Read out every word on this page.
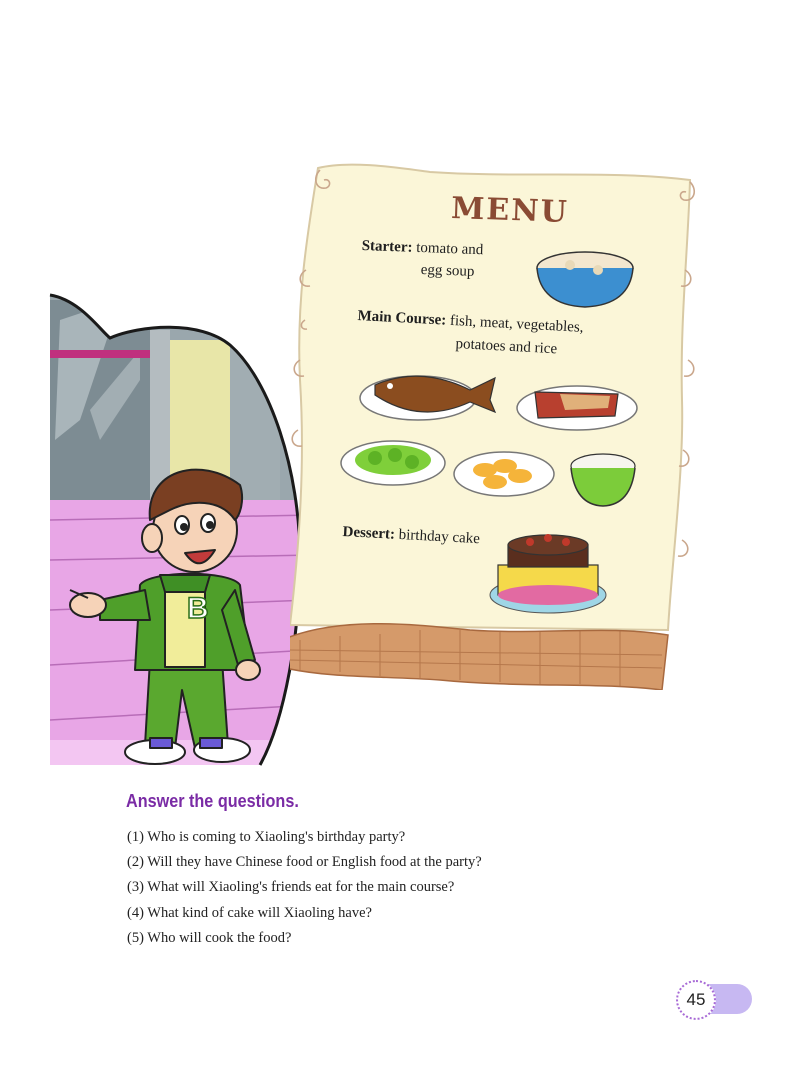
B
MENU
Starter: tomato and
egg soup
Main Course: fish, meat, vegetables,
potatoes and rice
Dessert: birthday cake
Answer the questions.
(1) Who is coming to Xiaoling's birthday party?
(2) Will they have Chinese food or English food at the party?
(3) What will Xiaoling's friends eat for the main course?
(4) What kind of cake will Xiaoling have?
(5) Who will cook the food?
45
